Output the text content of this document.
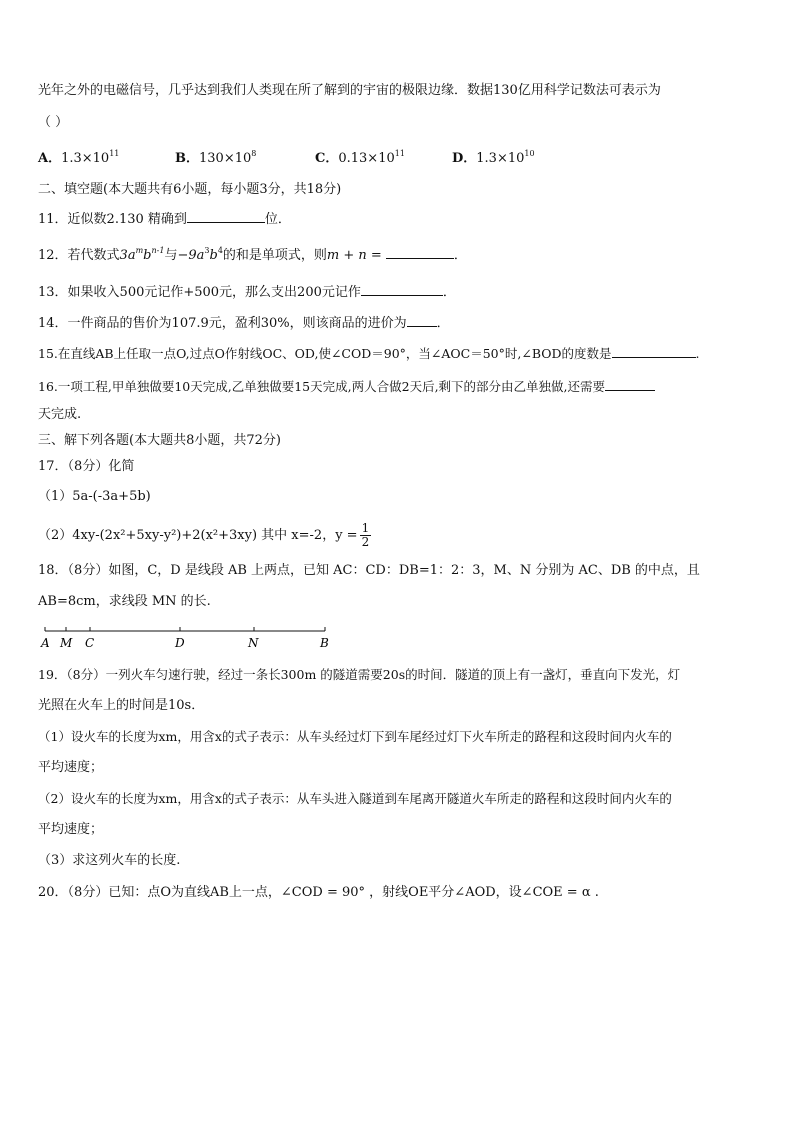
光年之外的电磁信号，几乎达到我们人类现在所了解到的宇宙的极限边缘．数据130亿用科学记数法可表示为
（ ）
A．$1.3\times 10^{11}$	B．$130\times 10^8$	C．$0.13\times 10^{11}$	D．$1.3\times 10^{10}$
二、填空题(本大题共有6小题，每小题3分，共18分)
11．近似数2.130 精确到	位．
12．若代数式$3a^mb^{n-1}$与$-9a^3b^4$的和是单项式，则m + n =	．
13．如果收入500元记作+500元，那么支出200元记作	．
14．一件商品的售价为107.9元，盈利30%，则该商品的进价为 ．
15.在直线AB上任取一点O,过点O作射线OC、OD,使∠COD＝90°，当∠AOC＝50°时,∠BOD的度数是	.
16.一项工程,甲单独做要10天完成,乙单独做要15天完成,两人合做2天后,剩下的部分由乙单独做,还需要
天完成.
三、解下列各题(本大题共8小题，共72分)
17．（8分）化简
（1）5a-(-3a+5b)
（2）4xy-(2x²+5xy-y²)+2(x²+3xy) 其中 x=-2，$y = \frac{1}{2}$
18．（8分）如图，C，D 是线段 AB 上两点，已知 AC：CD：DB=1：2：3，M、N 分别为 AC、DB 的中点，且
AB=8cm，求线段 MN 的长.
A M C	D	N	B
19．（8分）一列火车匀速行驶，经过一条长300m 的隧道需要20s的时间．隧道的顶上有一盏灯，垂直向下发光，灯
光照在火车上的时间是10s．
（1）设火车的长度为xm，用含x的式子表示：从车头经过灯下到车尾经过灯下火车所走的路程和这段时间内火车的
平均速度；
（2）设火车的长度为xm，用含x的式子表示：从车头进入隧道到车尾离开隧道火车所走的路程和这段时间内火车的
平均速度；
（3）求这列火车的长度.
20．（8分）已知：点O为直线AB上一点，∠COD = 90° ，射线OE平分∠AOD，设∠COE = α .
